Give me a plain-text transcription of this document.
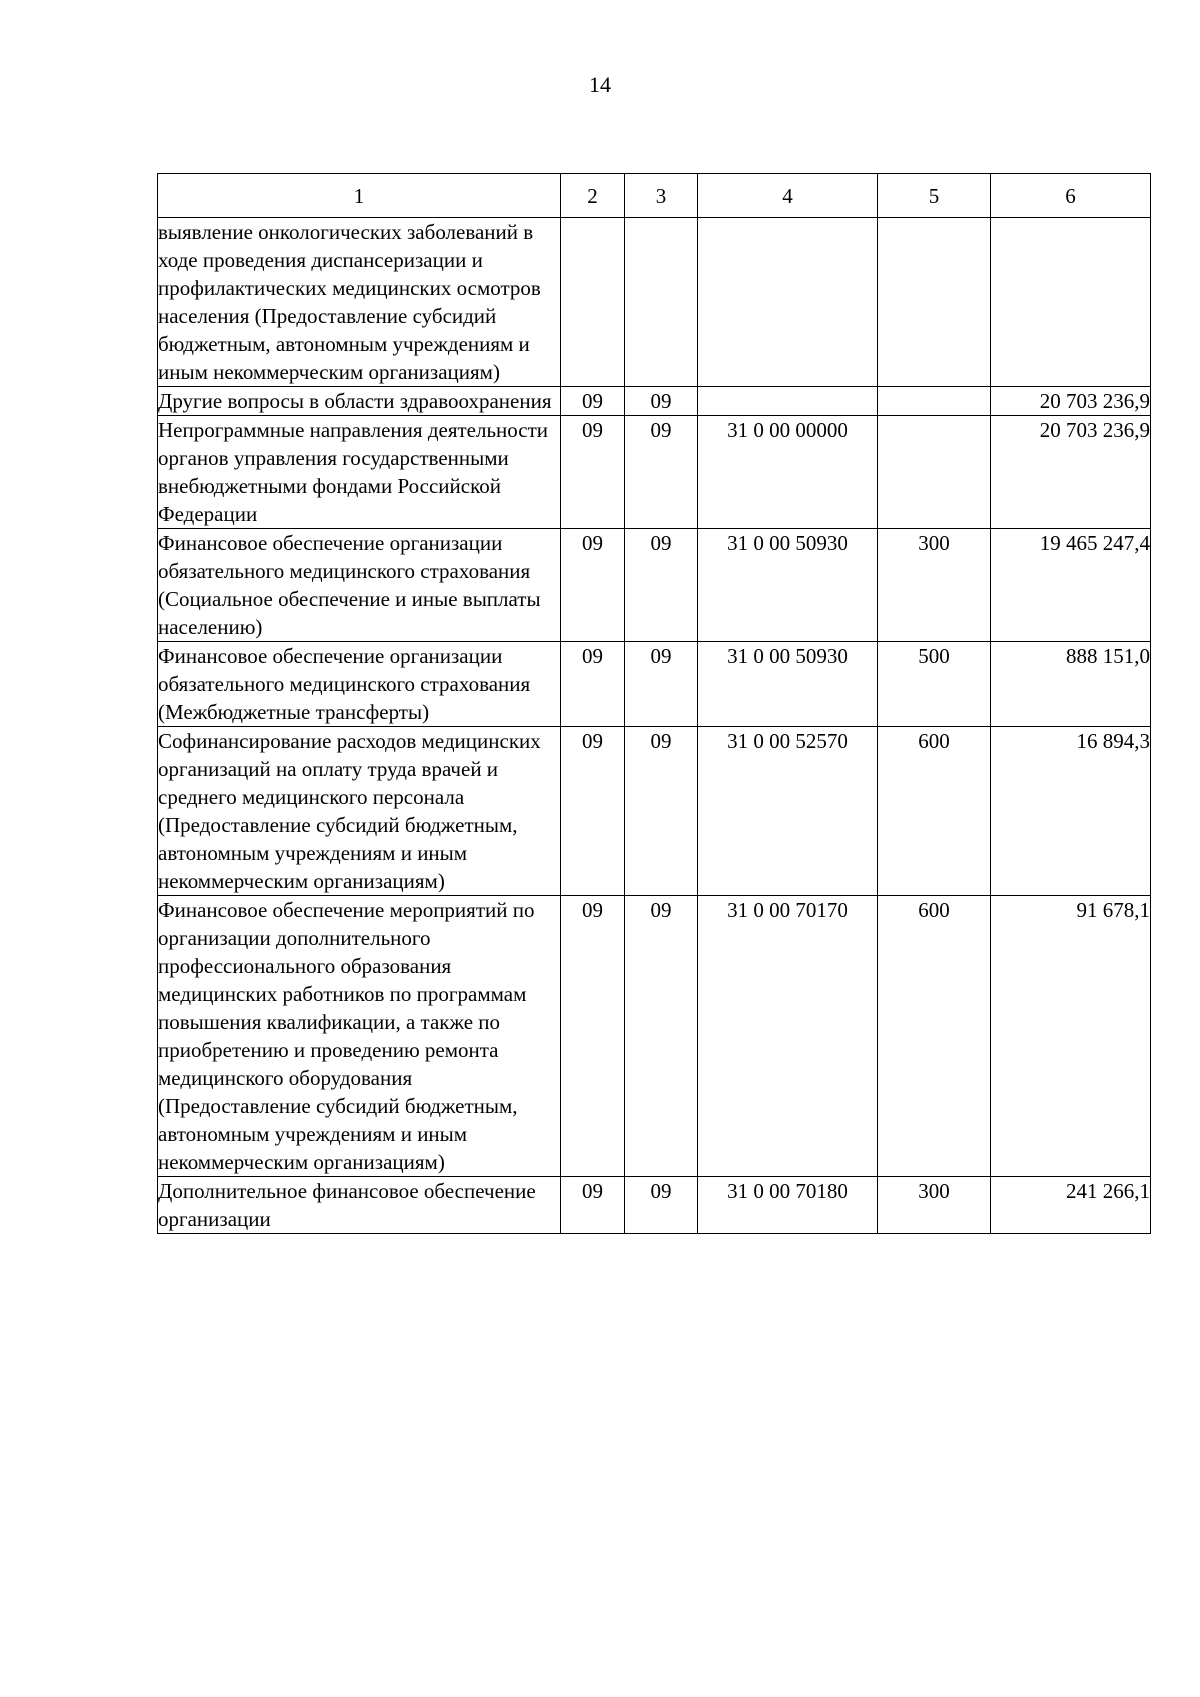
14
1	2	3	4	5	6
выявление онкологических заболеваний в ходе проведения диспансеризации и профилактических медицинских осмотров населения (Предоставление субсидий бюджетным, автономным учреждениям и иным некоммерческим организациям)					
Другие вопросы в области здравоохранения	09	09			20 703 236,9
Непрограммные направления деятельности органов управления государственными внебюджетными фондами Российской Федерации	09	09	31 0 00 00000		20 703 236,9
Финансовое обеспечение организации обязательного медицинского страхования (Социальное обеспечение и иные выплаты населению)	09	09	31 0 00 50930	300	19 465 247,4
Финансовое обеспечение организации обязательного медицинского страхования (Межбюджетные трансферты)	09	09	31 0 00 50930	500	888 151,0
Софинансирование расходов медицинских организаций на оплату труда врачей и среднего медицинского персонала (Предоставление субсидий бюджетным, автономным учреждениям и иным некоммерческим организациям)	09	09	31 0 00 52570	600	16 894,3
Финансовое обеспечение мероприятий по организации дополнительного профессионального образования медицинских работников по программам повышения квалификации, а также по приобретению и проведению ремонта медицинского оборудования (Предоставление субсидий бюджетным, автономным учреждениям и иным некоммерческим организациям)	09	09	31 0 00 70170	600	91 678,1
Дополнительное финансовое обеспечение организации	09	09	31 0 00 70180	300	241 266,1
